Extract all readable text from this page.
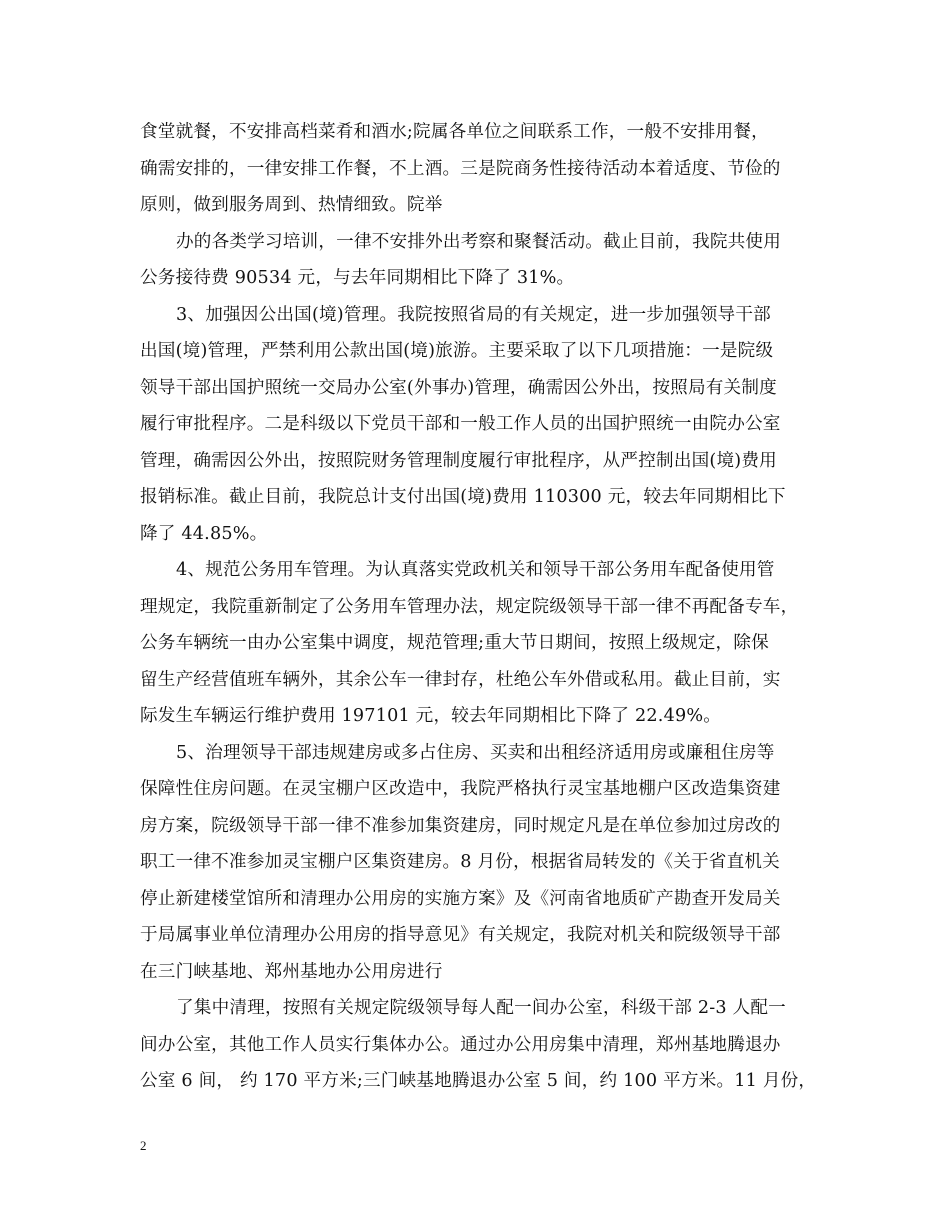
食堂就餐，不安排高档菜肴和酒水;院属各单位之间联系工作，一般不安排用餐，
确需安排的，一律安排工作餐，不上酒。三是院商务性接待活动本着适度、节俭的
原则，做到服务周到、热情细致。院举
办的各类学习培训，一律不安排外出考察和聚餐活动。截止目前，我院共使用
公务接待费 90534 元，与去年同期相比下降了 31%。
3、加强因公出国(境)管理。我院按照省局的有关规定，进一步加强领导干部
出国(境)管理，严禁利用公款出国(境)旅游。主要采取了以下几项措施：一是院级
领导干部出国护照统一交局办公室(外事办)管理，确需因公外出，按照局有关制度
履行审批程序。二是科级以下党员干部和一般工作人员的出国护照统一由院办公室
管理，确需因公外出，按照院财务管理制度履行审批程序，从严控制出国(境)费用
报销标准。截止目前，我院总计支付出国(境)费用 110300 元，较去年同期相比下
降了 44.85%。
4、规范公务用车管理。为认真落实党政机关和领导干部公务用车配备使用管
理规定，我院重新制定了公务用车管理办法，规定院级领导干部一律不再配备专车，
公务车辆统一由办公室集中调度，规范管理;重大节日期间，按照上级规定，除保
留生产经营值班车辆外，其余公车一律封存，杜绝公车外借或私用。截止目前，实
际发生车辆运行维护费用 197101 元，较去年同期相比下降了 22.49%。
5、治理领导干部违规建房或多占住房、买卖和出租经济适用房或廉租住房等
保障性住房问题。在灵宝棚户区改造中，我院严格执行灵宝基地棚户区改造集资建
房方案，院级领导干部一律不准参加集资建房，同时规定凡是在单位参加过房改的
职工一律不准参加灵宝棚户区集资建房。8 月份，根据省局转发的《关于省直机关
停止新建楼堂馆所和清理办公用房的实施方案》及《河南省地质矿产勘查开发局关
于局属事业单位清理办公用房的指导意见》有关规定，我院对机关和院级领导干部
在三门峡基地、郑州基地办公用房进行
了集中清理，按照有关规定院级领导每人配一间办公室，科级干部 2-3 人配一
间办公室，其他工作人员实行集体办公。通过办公用房集中清理，郑州基地腾退办
公室 6 间， 约 170 平方米;三门峡基地腾退办公室 5 间，约 100 平方米。11 月份，
2
